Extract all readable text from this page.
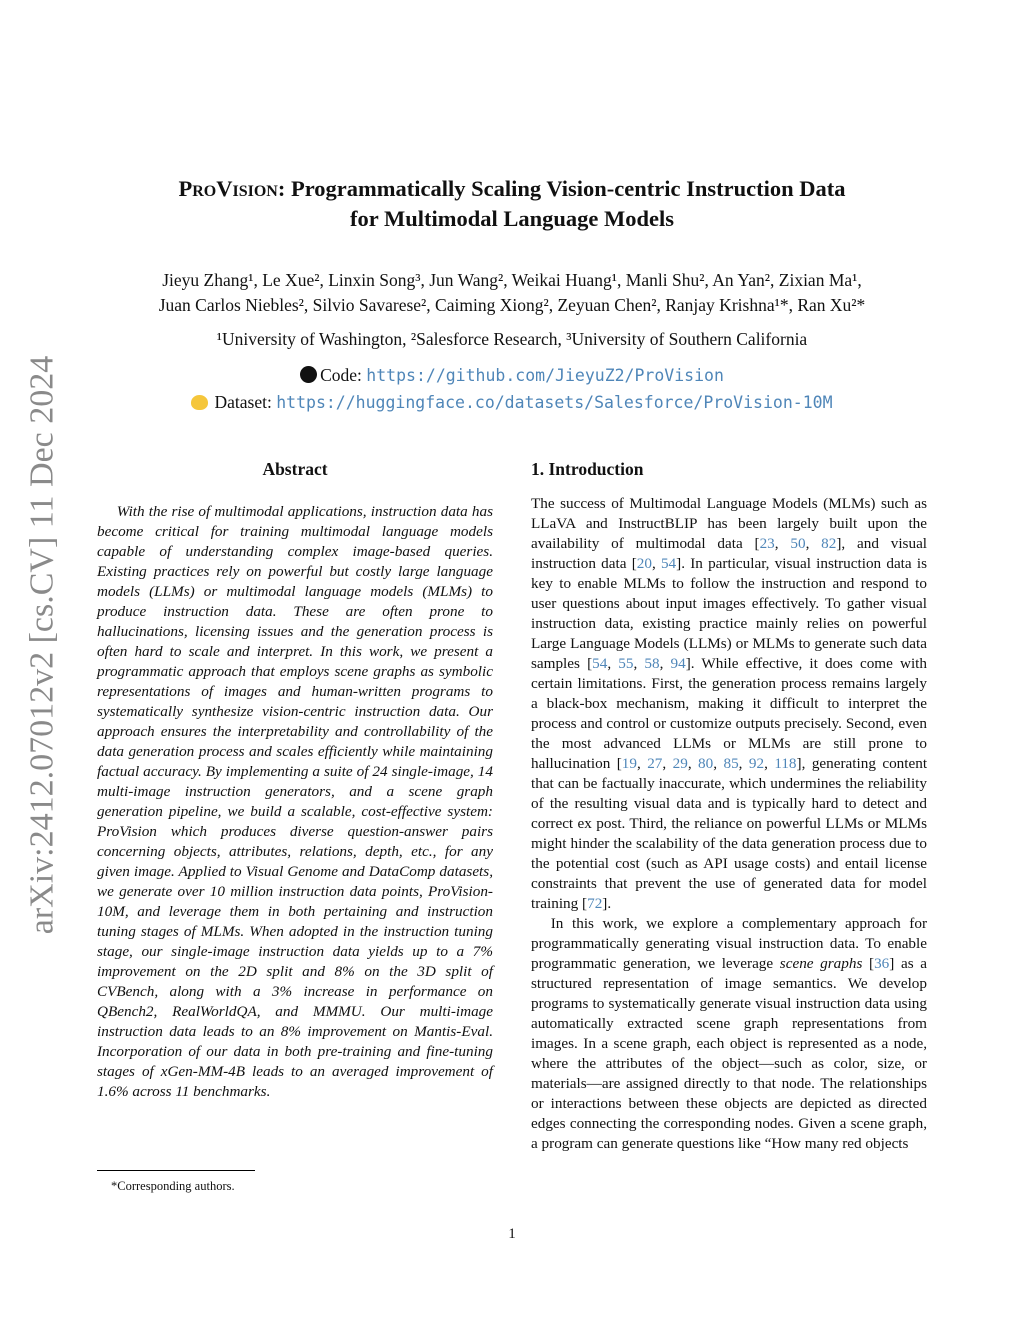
arXiv:2412.07012v2 [cs.CV] 11 Dec 2024
ProVision: Programmatically Scaling Vision-centric Instruction Data
for Multimodal Language Models
Jieyu Zhang¹, Le Xue², Linxin Song³, Jun Wang², Weikai Huang¹, Manli Shu², An Yan², Zixian Ma¹,
Juan Carlos Niebles², Silvio Savarese², Caiming Xiong², Zeyuan Chen², Ranjay Krishna¹*, Ran Xu²*
¹University of Washington, ²Salesforce Research, ³University of Southern California
Code: https://github.com/JieyuZ2/ProVision
Dataset: https://huggingface.co/datasets/Salesforce/ProVision-10M
Abstract
With the rise of multimodal applications, instruction data has become critical for training multimodal language models capable of understanding complex image-based queries. Existing practices rely on powerful but costly large language models (LLMs) or multimodal language models (MLMs) to produce instruction data. These are often prone to hallucinations, licensing issues and the generation process is often hard to scale and interpret. In this work, we present a programmatic approach that employs scene graphs as symbolic representations of images and human-written programs to systematically synthesize vision-centric instruction data. Our approach ensures the interpretability and controllability of the data generation process and scales efficiently while maintaining factual accuracy. By implementing a suite of 24 single-image, 14 multi-image instruction generators, and a scene graph generation pipeline, we build a scalable, cost-effective system: ProVision which produces diverse question-answer pairs concerning objects, attributes, relations, depth, etc., for any given image. Applied to Visual Genome and DataComp datasets, we generate over 10 million instruction data points, ProVision-10M, and leverage them in both pertaining and instruction tuning stages of MLMs. When adopted in the instruction tuning stage, our single-image instruction data yields up to a 7% improvement on the 2D split and 8% on the 3D split of CVBench, along with a 3% increase in performance on QBench2, RealWorldQA, and MMMU. Our multi-image instruction data leads to an 8% improvement on Mantis-Eval. Incorporation of our data in both pre-training and fine-tuning stages of xGen-MM-4B leads to an averaged improvement of 1.6% across 11 benchmarks.
1. Introduction

The success of Multimodal Language Models (MLMs) such as LLaVA and InstructBLIP has been largely built upon the availability of multimodal data [23, 50, 82], and visual instruction data [20, 54]. In particular, visual instruction data is key to enable MLMs to follow the instruction and respond to user questions about input images effectively. To gather visual instruction data, existing practice mainly relies on powerful Large Language Models (LLMs) or MLMs to generate such data samples [54, 55, 58, 94]. While effective, it does come with certain limitations. First, the generation process remains largely a black-box mechanism, making it difficult to interpret the process and control or customize outputs precisely. Second, even the most advanced LLMs or MLMs are still prone to hallucination [19, 27, 29, 80, 85, 92, 118], generating content that can be factually inaccurate, which undermines the reliability of the resulting visual data and is typically hard to detect and correct ex post. Third, the reliance on powerful LLMs or MLMs might hinder the scalability of the data generation process due to the potential cost (such as API usage costs) and entail license constraints that prevent the use of generated data for model training [72].

In this work, we explore a complementary approach for programmatically generating visual instruction data. To enable programmatic generation, we leverage scene graphs [36] as a structured representation of image semantics. We develop programs to systematically generate visual instruction data using automatically extracted scene graph representations from images. In a scene graph, each object is represented as a node, where the attributes of the object—such as color, size, or materials—are assigned directly to that node. The relationships or interactions between these objects are depicted as directed edges connecting the corresponding nodes. Given a scene graph, a program can generate questions like “How many red objects

*Corresponding authors.
1
